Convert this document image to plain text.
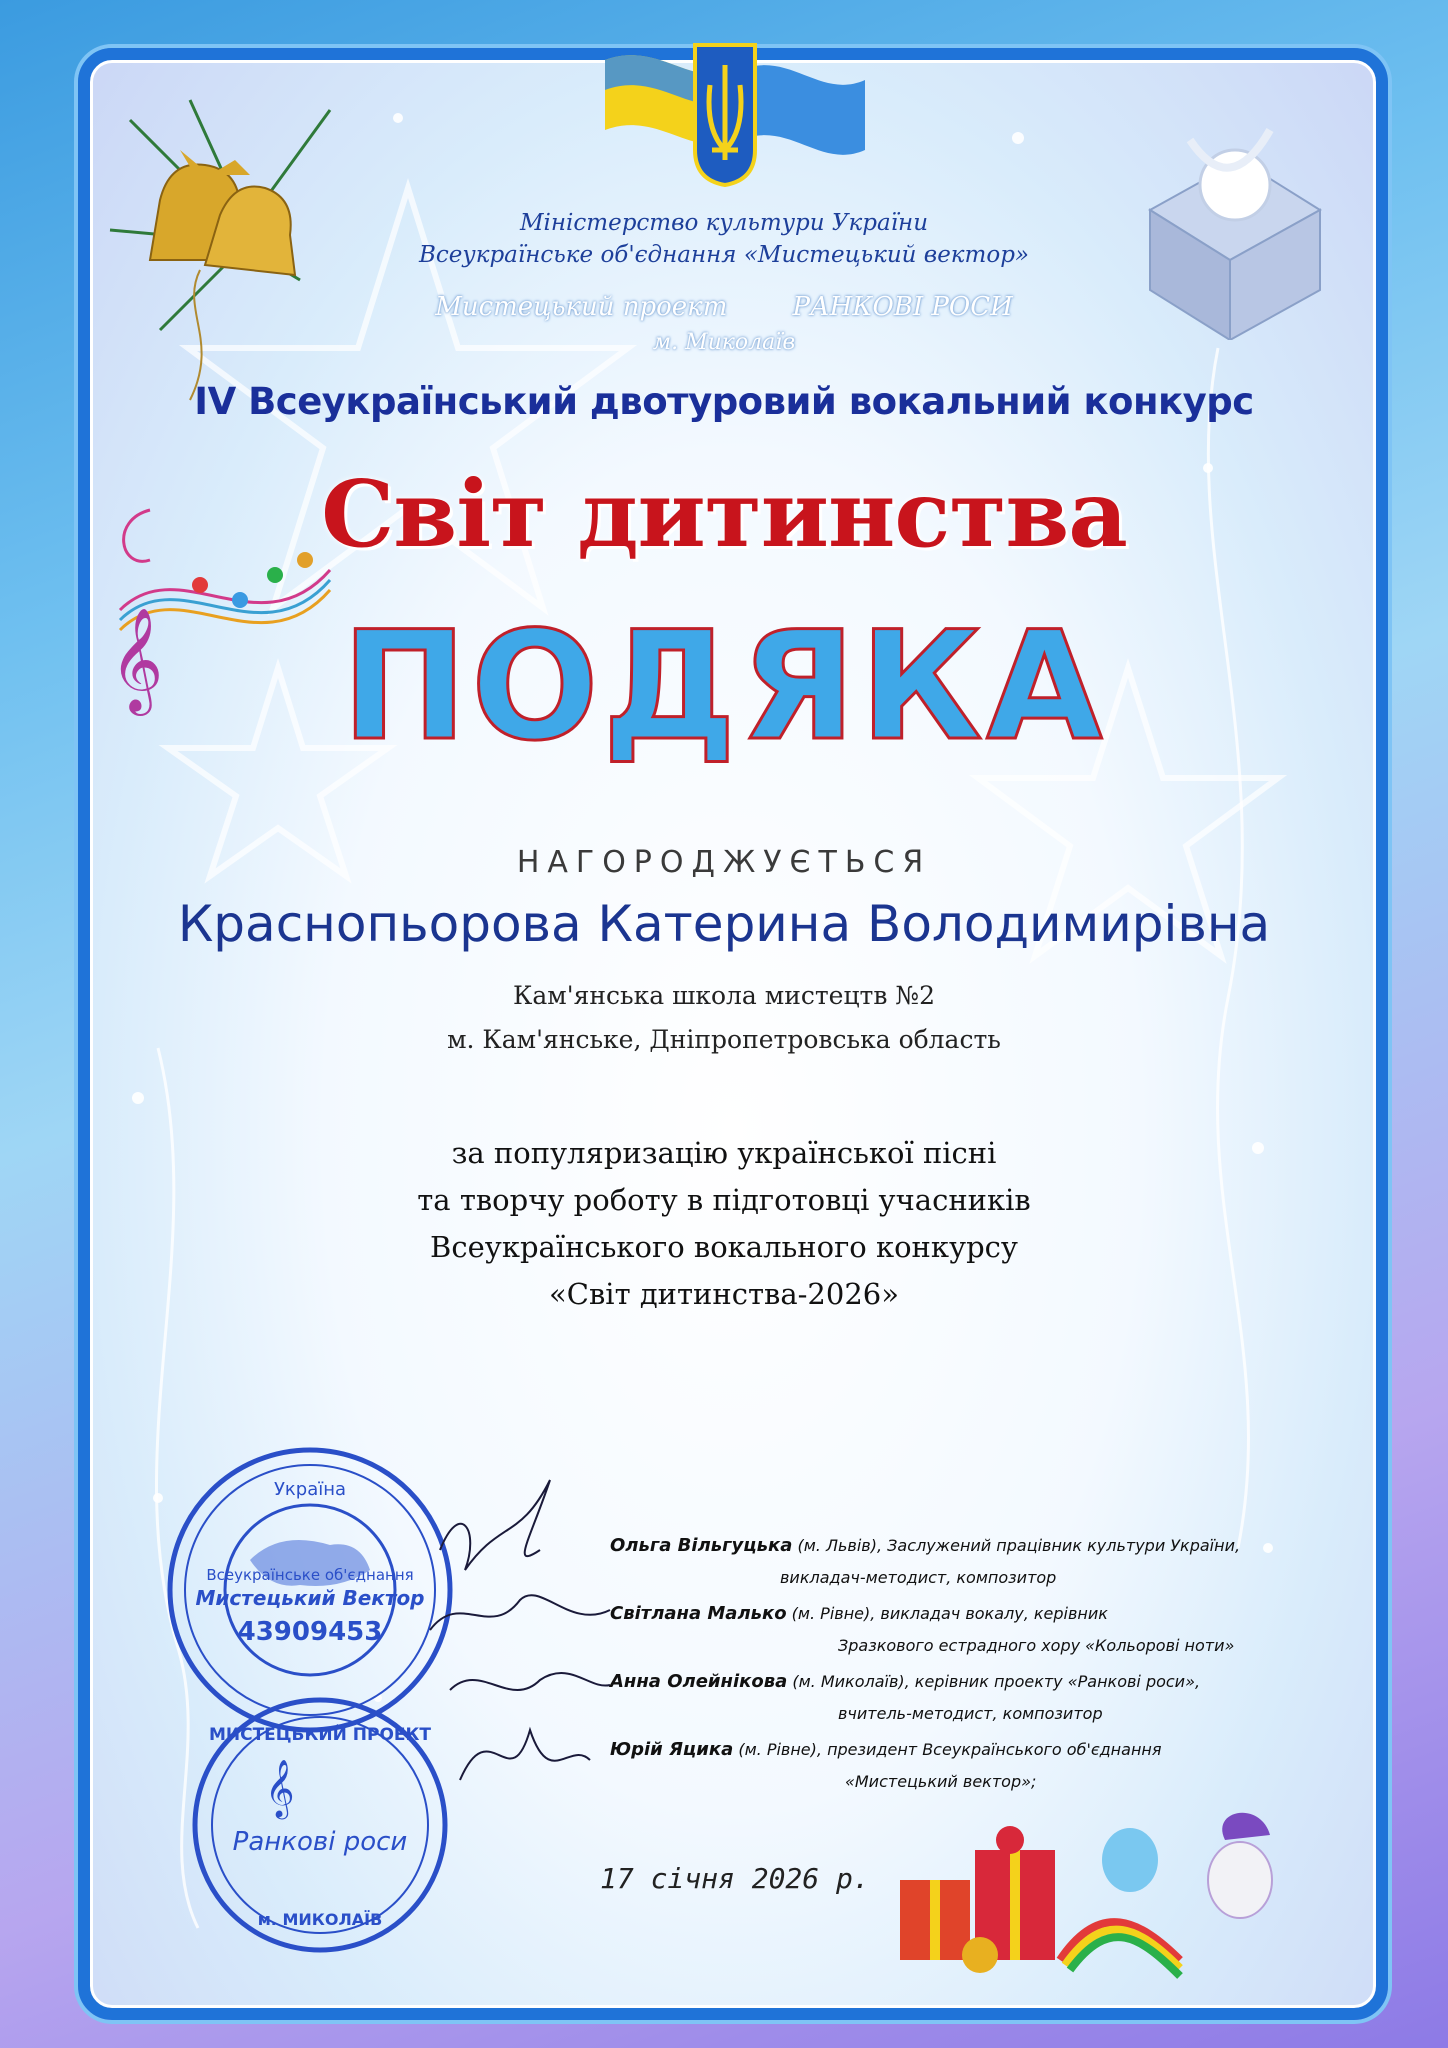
𝄞
Міністерство культури України
Всеукраїнське об'єднання «Мистецький вектор»
Мистецький проект	РАНКОВІ РОСИ
м. Миколаїв
IV Всеукраїнський двотуровий вокальний конкурс
Світ дитинства
ПОДЯКА
НАГОРОДЖУЄТЬСЯ
Краснопьорова Катерина Володимирівна
Кам'янська школа мистецтв №2
м. Кам'янське, Дніпропетровська область
за популяризацію української пісні
та творчу роботу в підготовці учасників
Всеукраїнського вокального конкурсу
«Світ дитинства-2026»
Україна
Всеукраїнське об'єднання
Мистецький Вектор
43909453
МИСТЕЦЬКИЙ ПРОЕКТ
𝄞
Ранкові роси
м. МИКОЛАЇВ
Ольга Вільгуцька (м. Львів), Заслужений працівник культури України,
викладач-методист, композитор
Світлана Малько (м. Рівне), викладач вокалу, керівник
Зразкового естрадного хору «Кольорові ноти»
Анна Олейнікова (м. Миколаїв), керівник проекту «Ранкові роси»,
вчитель-методист, композитор
Юрій Яцика (м. Рівне), президент Всеукраїнського об'єднання
«Мистецький вектор»;
17 січня 2026 р.
